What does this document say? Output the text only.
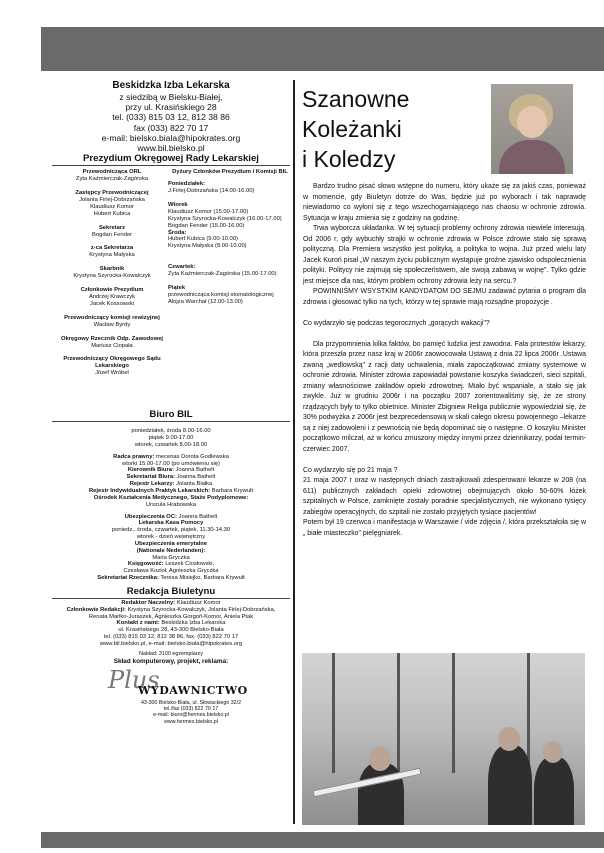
Beskidzka Izba Lekarska
z siedzibą w Bielsku-Białej,
przy ul. Krasińskiego 28
tel. (033) 815 03 12, 812 38 86
fax (033) 822 70 17
e-mail: bielsko.biala@hipokrates.org
www.bil.bielsko.pl
Prezydium Okręgowej Rady Lekarskiej
Przewodnicząca ORL
Zyta Kaźmierczak-Zagórska
Zastępcy Przewodniczącej
Jolanta Firlej-Dobrzańska
Klaudiusz Komor
Hubert Kubica
Sekretarz
Bogdan Fender
z-ca Sekretarza
Krystyna Małyska
Skarbnik
Krystyna Szyrocka-Kowalczyk
Członkowie Prezydium
Andrzej Krawczyk
Jacek Kossowski
Przewodniczący komisji rewizyjnej
Wacław Byrdy
Okręgowy Rzecznik Odp. Zawodowej
Mariusz Ciopała
Przewodniczący Okręgowego Sądu Lekarskiego
Józef Wróbel
Dyżury Członków Prezydium i Komisji BIL
Poniedziałek:
J.Firlej-Dobrzańska (14.00-16.00)
Wtorek
Klaudiusz Komor (15.00-17.00)
Krystyna Szyrocka-Kowalczyk (16.00-17.00)
Bogdan Fender (15.00-16.00)
Środa:
Hubert Kubica (9.00-10.00)
Krystyna Małyska (8.00-10.00)
Czwartek:
Zyta Kaźmierczak-Zagórska (15.00-17.00)
Piątek
przewodnicząca komisji stomatologicznej
Alojza Warchał (12.00-13.00)
Biuro BIL
poniedziałek, środa 8.00-16.00
piątek 9.00-17.00
wtorek, czwartek 8.00-18.00
Radca prawny: mecenas Dorota Godlewska
wtorki 15.00-17.00 (po umówieniu się)
Kierownik Biura: Joanna Bathelt
Sekretariat Biura: Joanna Bathelt
Rejestr Lekarzy: Jolanta Białka
Rejestr Indywidualnych Praktyk Lekarskich: Barbara Krywult
Ośrodek Kształcenia Medycznego, Staże Podyplomowe:
Urszula Hrabowska
Ubezpieczenia OC: Joanna Bathelt
Lekarska Kasa Pomocy
poniedz., środa, czwartek, piątek, 11.30-14.30
wtorek - dzień wewnętrzny
Ubezpieczenia emerytalne
(Nationale Nederlanden):
Maria Gryczka
Księgowość: Leszek Ciosłowski,
Czesława Kozioł, Agnieszka Gryczka
Sekretariat Rzecznika: Teresa Misiejko, Barbara Krywult
Redakcja Biuletynu
Redaktor Naczelny: Klaudiusz Komor
Członkowie Redakcji: Krystyna Szyrocka-Kowalczyk, Jolanta Firlej-Dobrzańska,
Renata Marlko-Juraszek, Agnieszka Gorgoń-Komor, Aniela Ptak
Kontakt z nami: Beskidzka Izba Lekarska
ul. Krasińskiego 28, 43-300 Bielsko-Biała
tel. (033) 815 03 12, 812 38 86, fax. (033) 822 70 17
www.bil.bielsko.pl, e-mail: bielsko.biala@hipokrates.org
Nakład: 3100 egzemplarzy
Skład komputerowy, projekt, reklama:
Plus
WYDAWNICTWO
43-300 Bielsko-Biała, ul. Słowackiego 32/2
tel./fax (033) 822 70 17
e-mail: biuro@hermes.bielsko.pl
www.hermes.bielsko.pl
Szanowne
Koleżanki
i Koledzy

Bardzo trudno pisać słowo wstępne do numeru, który ukaże się za jakiś czas, ponieważ w momencie, gdy Biuletyn dotrze do Was, będzie już po wyborach i tak naprawdę niewiadomo co wyłoni się z tego wszechogarniającego nas chaosu w ochronie zdrowia. Sytuacja w kraju zmienia się z godziny na godzinę.

Trwa wyborcza układanka. W tej sytuacji problemy ochrony zdrowia niewiele interesują. Od 2006 r, gdy wybuchły strajki w ochronie zdrowia w Polsce zdrowie stało się sprawą polityczną. Dla Premiera wszystko jest polityką, a polityka to wojna. Już przed wielu laty Jacek Kuroń pisał „W naszym życiu publicznym wystąpuje groźne zjawisko odspołecznienia polityki. Politycy nie zajmują się społeczeństwem, ale swoją zabawą w wojnę". Tylko gdzie jest miejsce dla nas, którym problem ochrony zdrowia leży na sercu.?

POWINNIŚMY WSYSTKIM KANDYDATOM DO SEJMU zadawać pytania o program dla zdrowia i głosować tylko na tych, którzy w tej sprawie mają rozsądne propozycje .

Co wydarzyło się podczas tegorocznych „gorących wakacji"?

Dla przypomnienia kilka faktów, bo pamięć ludzka jest zawodna. Fala protestów lekarzy, która przeszła przez nasz kraj w 2006r zaowocowała Ustawą z dnia 22 lipca 2006r .Ustawa zwaną „wedlowską" z racji daty uchwalenia, miała zapoczątkować zmiany systemowe w ochronie zdrowia. Minister zdrowia zapowiadał powstanie koszyka świadczeń, sieci szpitali, zmiany własnościowe zakładów opieki zdrowotnej. Miało być wspaniale, a stało się jak zwykle. Już w grudniu 2006r i na początku 2007 zorientowaliśmy się, że ze strony rządzących były to tylko obietnice. Minister Zbigniew Religa publicznie wypowiedział się, że 30% podwyżka z 2006r jest bezprecedensową w skali całego okresu powojennego –lekarze są z niej zadowoleni i z pewnością nie będą dopominać się o następne. O koszyku Minister początkowo milczał, aż w końcu zmuszony między innymi przez dziennikarzy, podał termin- czerwiec 2007.

Co wydarzyło się po 21 maja ?

21 maja 2007 r oraz w następnych dniach zastrajkowali zdesperowani lekarze w 208 (na 611) publicznych zakładach opieki zdrowotnej obejmujących około 50-60% łóżek szpitalnych w Polsce, zamknięte zostały poradnie specjalistycznych, nie wykonano tysięcy zabiegów operacyjnych, do szpitali nie zostało przyjętych tysiące pacjentów!

Potem był 19 czerwca i manifestacja w Warszawie / vide zdjęcia /, która przekształciła się w „ białe miasteczko" pielęgniarek.
